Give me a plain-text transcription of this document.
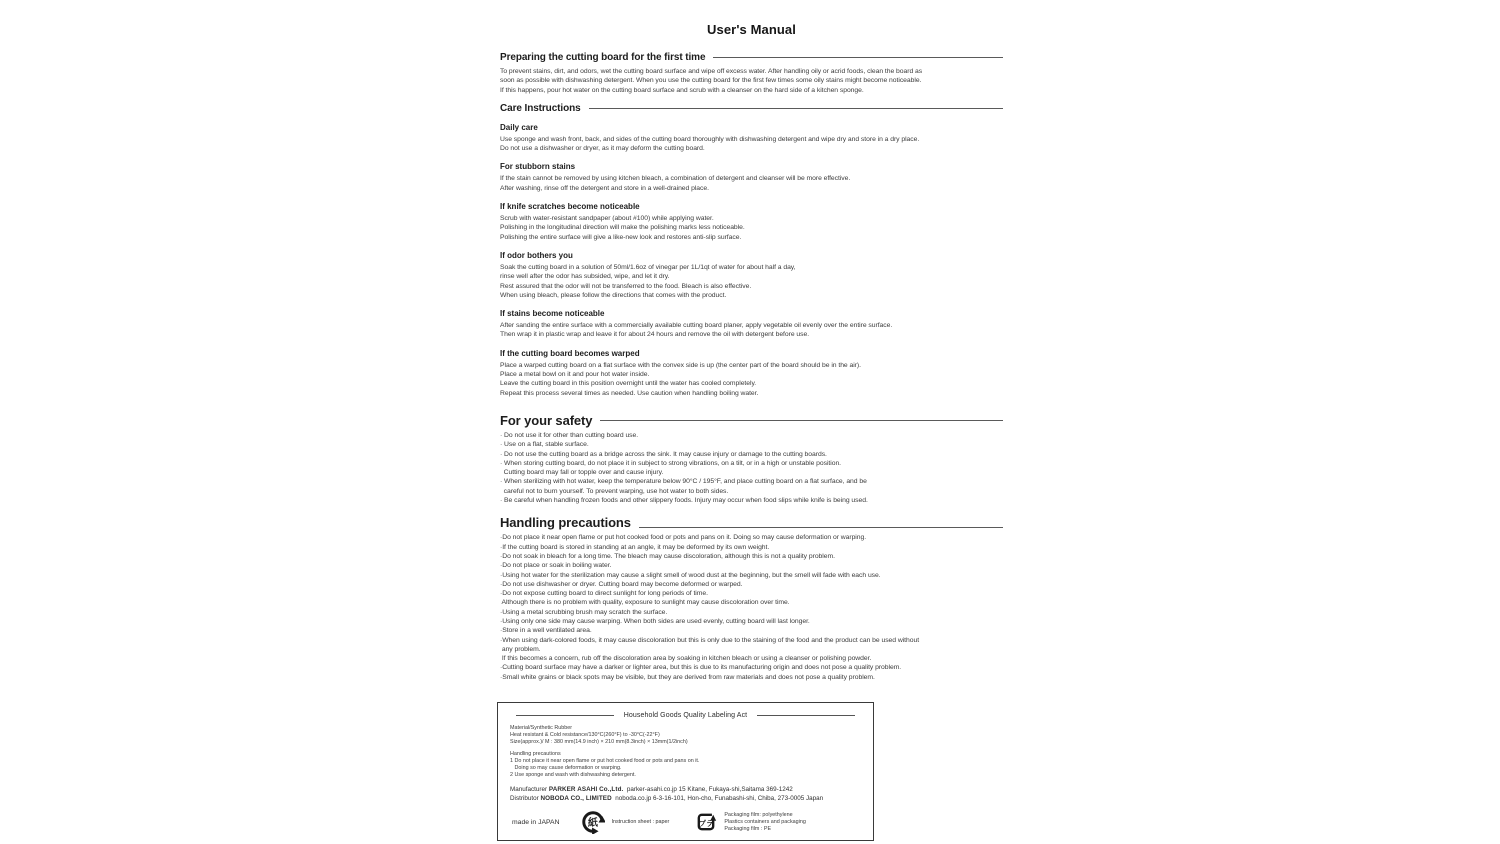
User's Manual
Preparing the cutting board for the first time
To prevent stains, dirt, and odors, wet the cutting board surface and wipe off excess water. After handling oily or acrid foods, clean the board as
soon as possible with dishwashing detergent. When you use the cutting board for the first few times some oily stains might become noticeable.
If this happens, pour hot water on the cutting board surface and scrub with a cleanser on the hard side of a kitchen sponge.
Care Instructions
Daily care
Use sponge and wash front, back, and sides of the cutting board thoroughly with dishwashing detergent and wipe dry and store in a dry place.
Do not use a dishwasher or dryer, as it may deform the cutting board.
For stubborn stains
If the stain cannot be removed by using kitchen bleach, a combination of detergent and cleanser will be more effective.
After washing, rinse off the detergent and store in a well-drained place.
If knife scratches become noticeable
Scrub with water-resistant sandpaper (about #100) while applying water.
Polishing in the longitudinal direction will make the polishing marks less noticeable.
Polishing the entire surface will give a like-new look and restores anti-slip surface.
If odor bothers you
Soak the cutting board in a solution of 50ml/1.6oz of vinegar per 1L/1qt of water for about half a day,
rinse well after the odor has subsided, wipe, and let it dry.
Rest assured that the odor will not be transferred to the food. Bleach is also effective.
When using bleach, please follow the directions that comes with the product.
If stains become noticeable
After sanding the entire surface with a commercially available cutting board planer, apply vegetable oil evenly over the entire surface.
Then wrap it in plastic wrap and leave it for about 24 hours and remove the oil with detergent before use.
If the cutting board becomes warped
Place a warped cutting board on a flat surface with the convex side is up (the center part of the board should be in the air).
Place a metal bowl on it and pour hot water inside.
Leave the cutting board in this position overnight until the water has cooled completely.
Repeat this process several times as needed. Use caution when handling boiling water.
For your safety
· Do not use it for other than cutting board use.
· Use on a flat, stable surface.
· Do not use the cutting board as a bridge across the sink. It may cause injury or damage to the cutting boards.
· When storing cutting board, do not place it in subject to strong vibrations, on a tilt, or in a high or unstable position.
Cutting board may fall or topple over and cause injury.
· When sterilizing with hot water, keep the temperature below 90°C / 195°F, and place cutting board on a flat surface, and be
careful not to burn yourself. To prevent warping, use hot water to both sides.
· Be careful when handling frozen foods and other slippery foods. Injury may occur when food slips while knife is being used.
Handling precautions
·Do not place it near open flame or put hot cooked food or pots and pans on it. Doing so may cause deformation or warping.
·If the cutting board is stored in standing at an angle, it may be deformed by its own weight.
·Do not soak in bleach for a long time. The bleach may cause discoloration, although this is not a quality problem.
·Do not place or soak in boiling water.
·Using hot water for the sterilization may cause a slight smell of wood dust at the beginning, but the smell will fade with each use.
·Do not use dishwasher or dryer. Cutting board may become deformed or warped.
·Do not expose cutting board to direct sunlight for long periods of time.
Although there is no problem with quality, exposure to sunlight may cause discoloration over time.
·Using a metal scrubbing brush may scratch the surface.
·Using only one side may cause warping. When both sides are used evenly, cutting board will last longer.
·Store in a well ventilated area.
·When using dark-colored foods, it may cause discoloration but this is only due to the staining of the food and the product can be used without
any problem.
If this becomes a concern, rub off the discoloration area by soaking in kitchen bleach or using a cleanser or polishing powder.
·Cutting board surface may have a darker or lighter area, but this is due to its manufacturing origin and does not pose a quality problem.
·Small white grains or black spots may be visible, but they are derived from raw materials and does not pose a quality problem.
Household Goods Quality Labeling Act
Material/Synthetic Rubber
Heat resistant & Cold resistance/130°C(260°F) to -30°C(-22°F)
Size(approx.)/ M : 380 mm(14.9 inch) × 210 mm(8.3inch) × 13mm(1/2inch)
Handling precautions
1 Do not place it near open flame or put hot cooked food or pots and pans on it.
Doing so may cause deformation or warping.
2 Use sponge and wash with dishwashing detergent.
Manufacturer PARKER ASAHI Co.,Ltd.  parker-asahi.co.jp 15 Kitane, Fukaya-shi,Saitama 369-1242
Distributor NOBODA CO., LIMITED  noboda.co.jp 6-3-16-101, Hon-cho, Funabashi-shi, Chiba, 273-0005 Japan
made in JAPAN	紙 Instruction sheet : paper	プラ
Packaging film: polyethylene
Plastics containers and packaging
Packaging film : PE
